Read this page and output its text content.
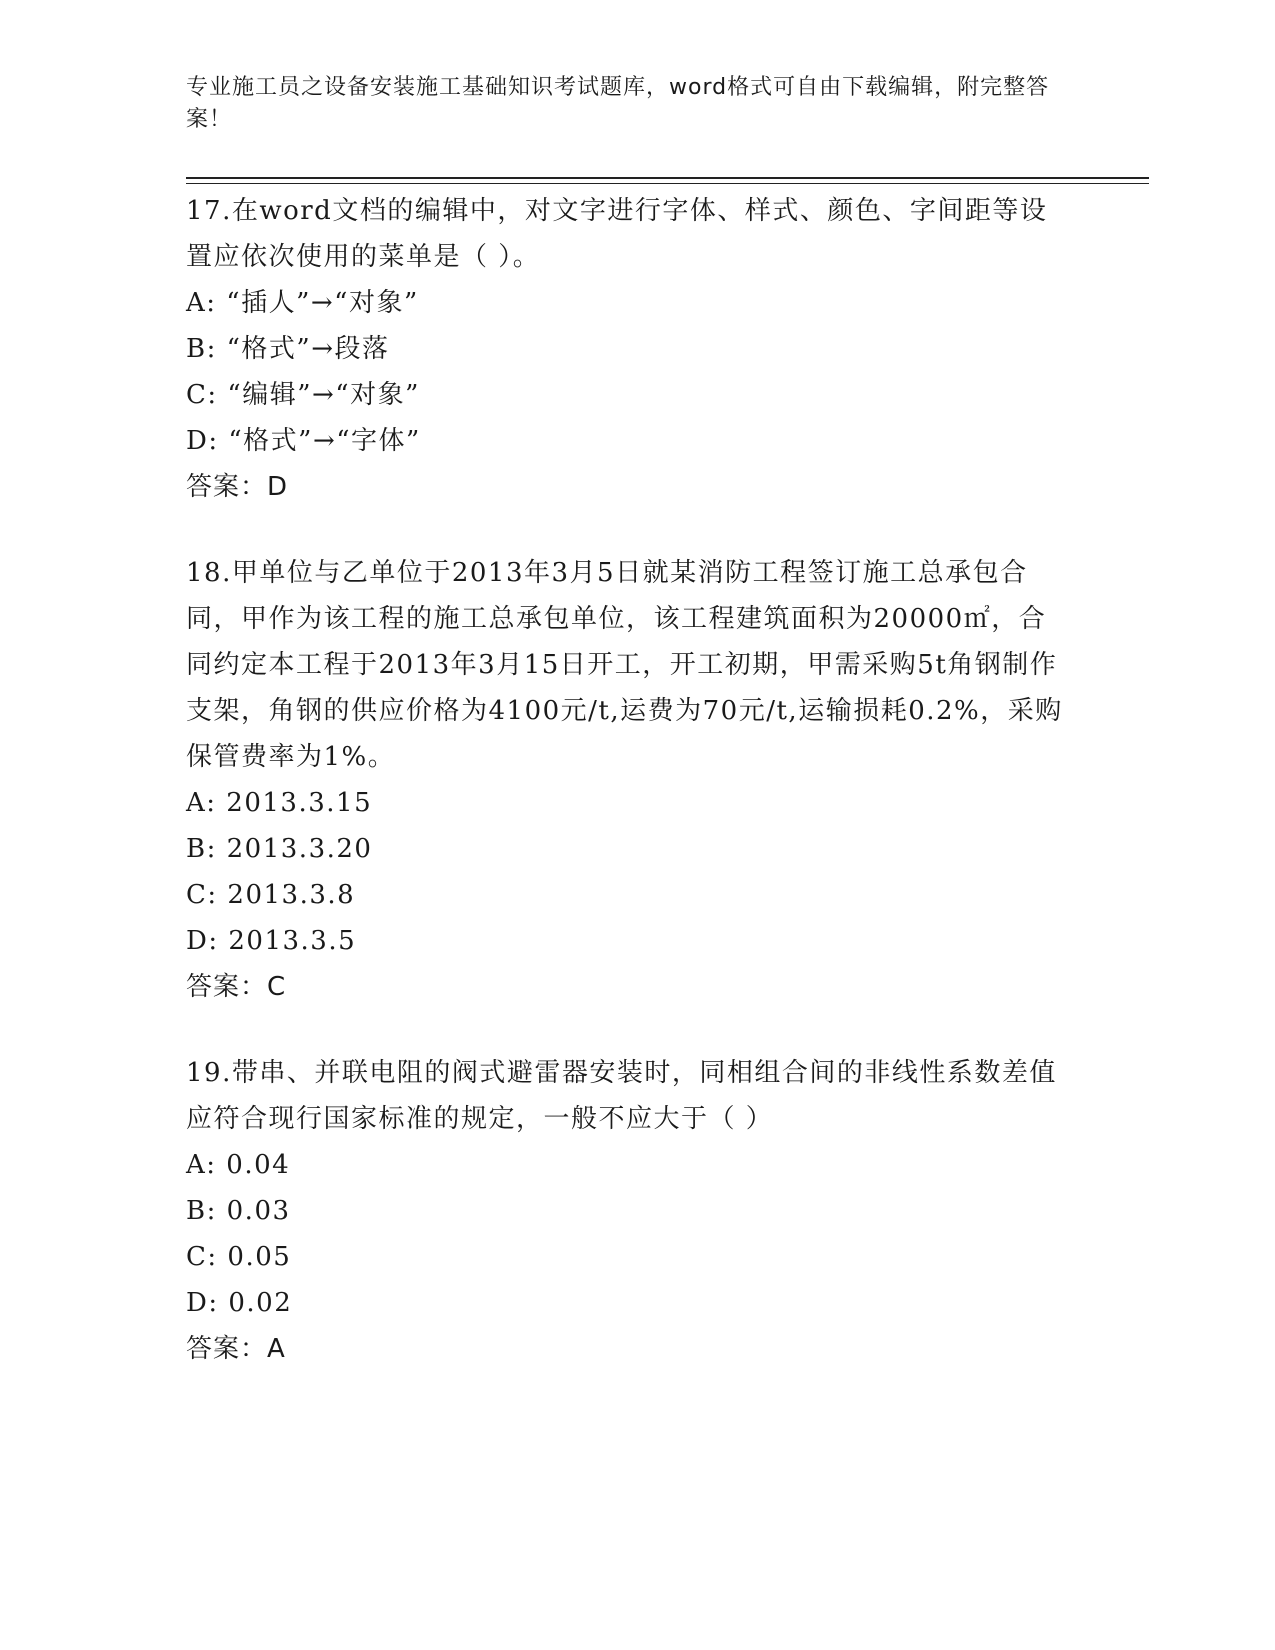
专业施工员之设备安装施工基础知识考试题库，word格式可自由下载编辑，附完整答案！

17.在word文档的编辑中，对文字进行字体、样式、颜色、字间距等设置应依次使用的菜单是（ ）。

A: “插人”→“对象”

B: “格式”→段落

C: “编辑”→“对象”

D: “格式”→“字体”

答案：D

18.甲单位与乙单位于2013年3月5日就某消防工程签订施工总承包合同，甲作为该工程的施工总承包单位，该工程建筑面积为20000㎡，合同约定本工程于2013年3月15日开工，开工初期，甲需采购5t角钢制作支架，角钢的供应价格为4100元/t,运费为70元/t,运输损耗0.2%，采购保管费率为1%。

A: 2013.3.15

B: 2013.3.20

C: 2013.3.8

D: 2013.3.5

答案：C

19.带串、并联电阻的阀式避雷器安装时，同相组合间的非线性系数差值应符合现行国家标准的规定，一般不应大于（ ）

A: 0.04

B: 0.03

C: 0.05

D: 0.02

答案：A
